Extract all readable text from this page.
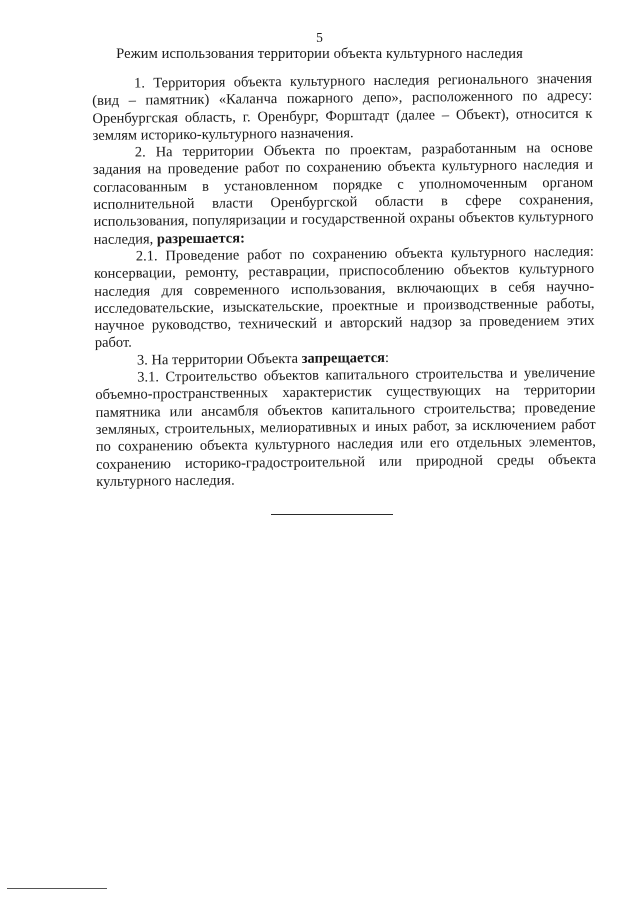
5
Режим использования территории объекта культурного наследия

1. Территория объекта культурного наследия регионального значения (вид – памятник) «Каланча пожарного депо», расположенного по адресу: Оренбургская область, г. Оренбург, Форштадт (далее – Объект), относится к землям историко-культурного назначения.

2. На территории Объекта по проектам, разработанным на основе задания на проведение работ по сохранению объекта культурного наследия и согласованным в установленном порядке с уполномоченным органом исполнительной власти Оренбургской области в сфере сохранения, использования, популяризации и государственной охраны объектов культурного наследия, разрешается:

2.1. Проведение работ по сохранению объекта культурного наследия: консервации, ремонту, реставрации, приспособлению объектов культурного наследия для современного использования, включающих в себя научно-исследовательские, изыскательские, проектные и производственные работы, научное руководство, технический и авторский надзор за проведением этих работ.

3. На территории Объекта запрещается:

3.1. Строительство объектов капитального строительства и увеличение объемно-пространственных характеристик существующих на территории памятника или ансамбля объектов капитального строительства; проведение земляных, строительных, мелиоративных и иных работ, за исключением работ по сохранению объекта культурного наследия или его отдельных элементов, сохранению историко-градостроительной или природной среды объекта культурного наследия.
